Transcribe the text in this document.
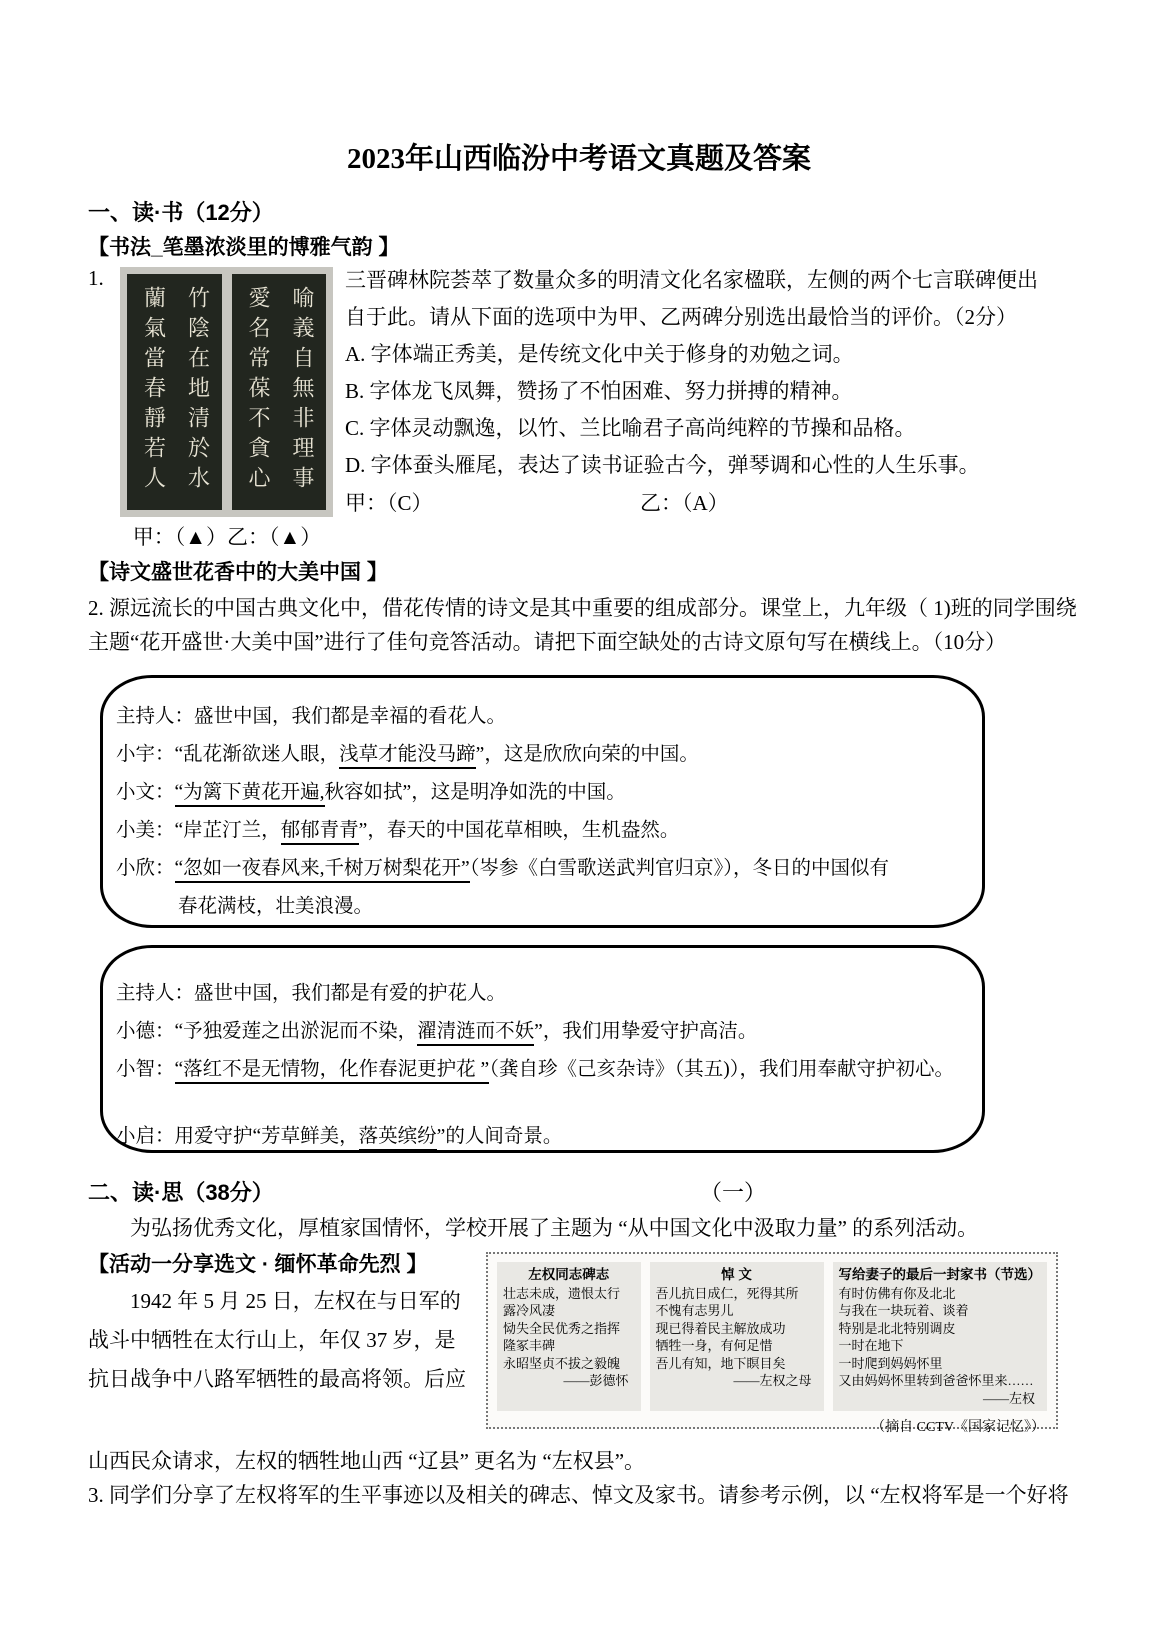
2023年山西临汾中考语文真题及答案
一、读·书（12分）
【书法_笔墨浓淡里的博雅气韵 】
1.
竹陰在地清於水
蘭氣當春靜若人	喻義自無非理事
愛名常葆不貪心
甲：（▲）乙：（▲）
三晋碑林院荟萃了数量众多的明清文化名家楹联，左侧的两个七言联碑便出
自于此。请从下面的选项中为甲、乙两碑分别选出最恰当的评价。（2分）
A. 字体端正秀美，是传统文化中关于修身的劝勉之词。
B. 字体龙飞凤舞，赞扬了不怕困难、努力拼搏的精神。
C. 字体灵动飘逸，以竹、兰比喻君子高尚纯粹的节操和品格。
D. 字体蚕头雁尾，表达了读书证验古今，弹琴调和心性的人生乐事。
甲：（C）	乙：（A）
【诗文盛世花香中的大美中国 】
2. 源远流长的中国古典文化中，借花传情的诗文是其中重要的组成部分。课堂上，九年级（ 1)班的同学围绕
主题“花开盛世·大美中国”进行了佳句竞答活动。请把下面空缺处的古诗文原句写在横线上。（10分）
主持人：盛世中国，我们都是幸福的看花人。
小宇：“乱花渐欲迷人眼，浅草才能没马蹄”，这是欣欣向荣的中国。
小文：“为篱下黄花开遍,秋容如拭”，这是明净如洗的中国。
小美：“岸芷汀兰，郁郁青青”，春天的中国花草相映，生机盎然。
小欣：“忽如一夜春风来,千树万树梨花开”（岑参《白雪歌送武判官归京》），冬日的中国似有
春花满枝，壮美浪漫。
主持人：盛世中国，我们都是有爱的护花人。
小德：“予独爱莲之出淤泥而不染，濯清涟而不妖”，我们用挚爱守护高洁。
小智：“落红不是无情物，化作春泥更护花 ”（龚自珍《己亥杂诗》（其五)），我们用奉献守护初心。
小启：用爱守护“芳草鲜美，落英缤纷”的人间奇景。
二、读·思（38分）	（一）
为弘扬优秀文化，厚植家国情怀，学校开展了主题为 “从中国文化中汲取力量” 的系列活动。
【活动一分享选文 · 缅怀革命先烈 】
1942 年 5 月 25 日，左权在与日军的
战斗中牺牲在太行山上，年仅 37 岁，是
抗日战争中八路军牺牲的最高将领。后应
左权同志碑志
壮志未成，遗恨太行
露冷风凄
恸失全民优秀之指挥
隆冢丰碑
永昭坚贞不拔之毅魄
——彭德怀
悼 文
吾儿抗日成仁，死得其所
不愧有志男儿
现已得着民主解放成功
牺牲一身，有何足惜
吾儿有知，地下瞑目矣
——左权之母
写给妻子的最后一封家书（节选）
有时仿佛有你及北北
与我在一块玩着、谈着
特别是北北特别调皮
一时在地下
一时爬到妈妈怀里
又由妈妈怀里转到爸爸怀里来……
——左权
（摘自 CCTV《国家记忆》）
山西民众请求，左权的牺牲地山西 “辽县” 更名为 “左权县”。
3. 同学们分享了左权将军的生平事迹以及相关的碑志、悼文及家书。请参考示例，以 “左权将军是一个好将
